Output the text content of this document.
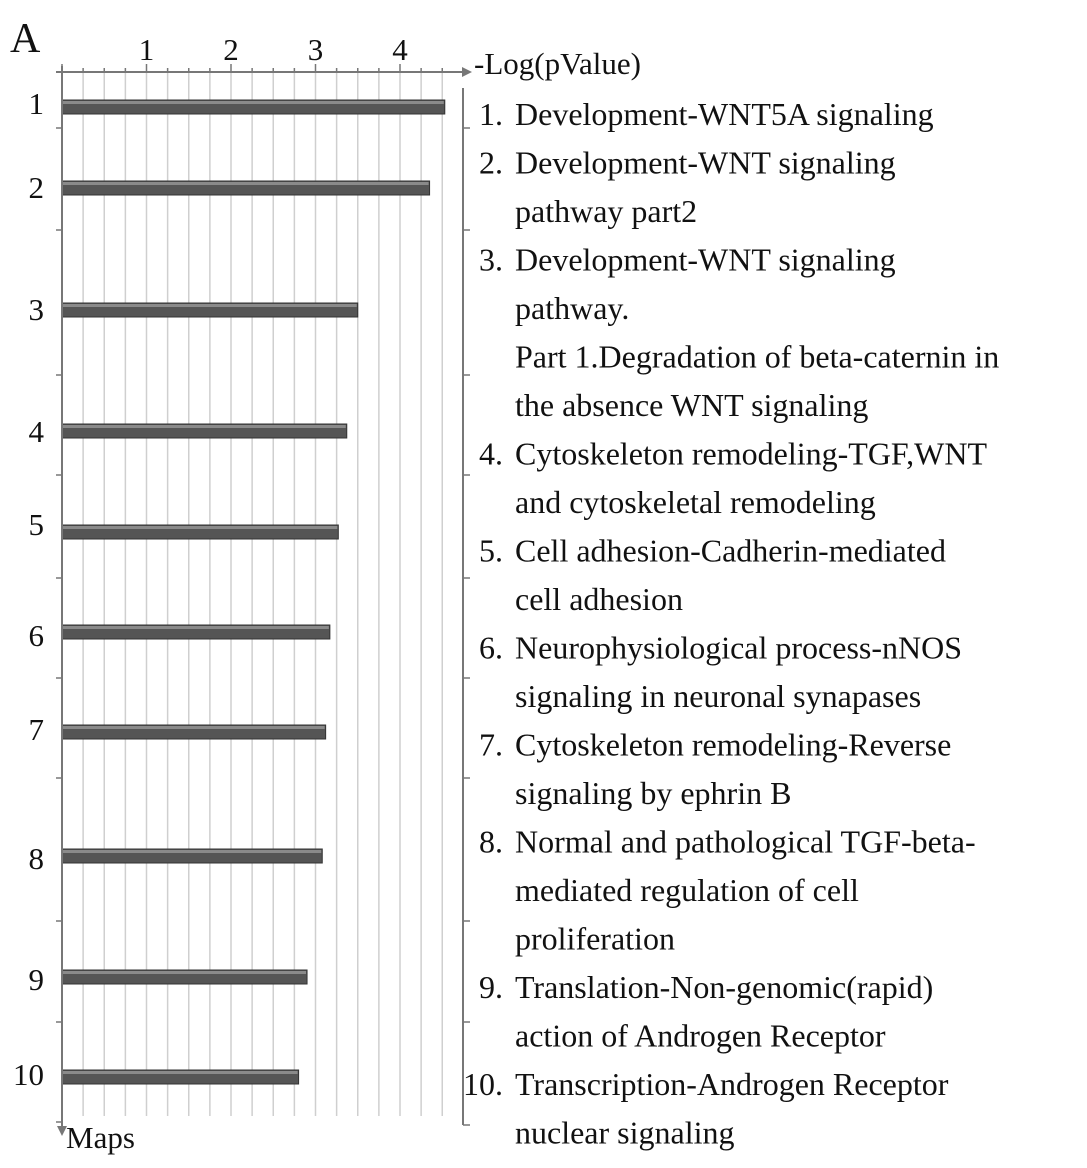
A
-Log(pValue)
Maps
1 2 3 4
1
2
3
4
5
6
7
8
9
10
1. Development-WNT5A signaling
2. Development-WNT signaling
pathway part2
3. Development-WNT signaling
pathway.
Part 1.Degradation of beta-caternin in
the absence WNT signaling
4. Cytoskeleton remodeling-TGF,WNT
and cytoskeletal remodeling
5. Cell adhesion-Cadherin-mediated
cell adhesion
6. Neurophysiological process-nNOS
signaling in neuronal synapases
7. Cytoskeleton remodeling-Reverse
signaling by ephrin B
8. Normal and pathological TGF-beta-
mediated regulation of cell
proliferation
9. Translation-Non-genomic(rapid)
action of Androgen Receptor
10. Transcription-Androgen Receptor
nuclear signaling
